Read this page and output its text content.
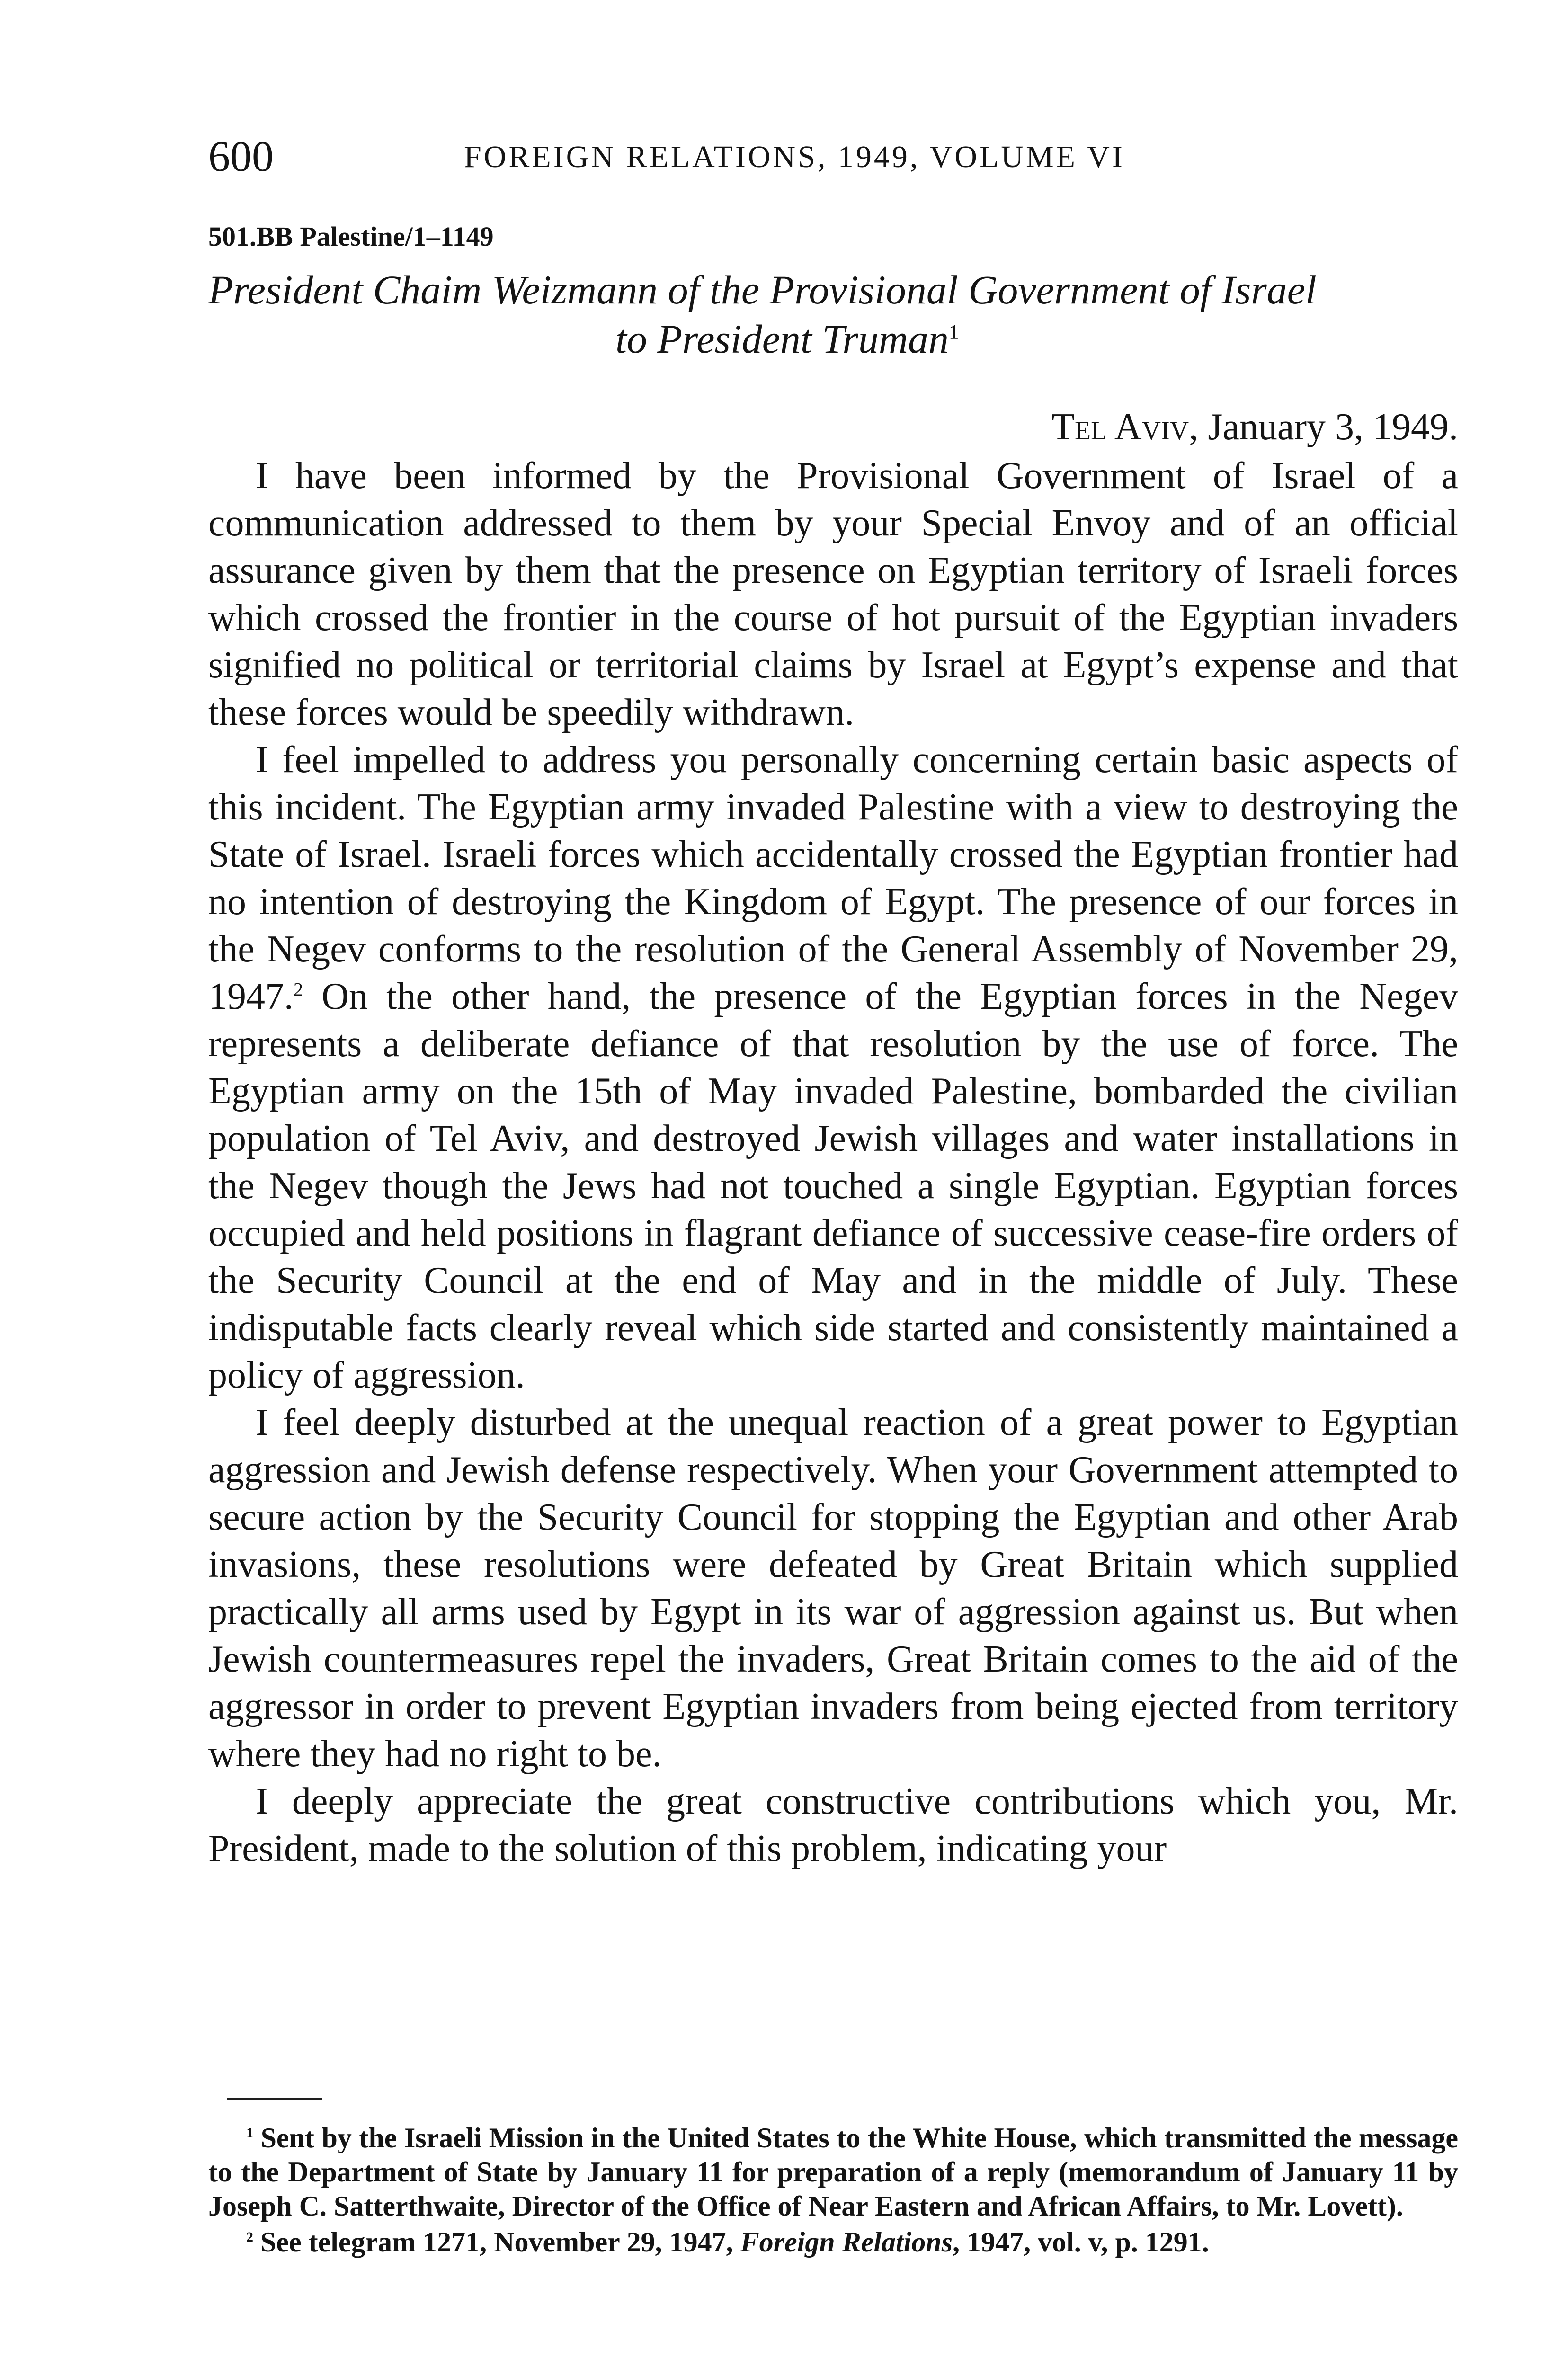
600	FOREIGN RELATIONS, 1949, VOLUME VI
501.BB Palestine/1–1149
President Chaim Weizmann of the Provisional Government of Israel
to President Truman$^1$
Tel Aviv, January 3, 1949.

I have been informed by the Provisional Government of Israel of a communication addressed to them by your Special Envoy and of an official assurance given by them that the presence on Egyptian territory of Israeli forces which crossed the frontier in the course of hot pursuit of the Egyptian invaders signified no political or territorial claims by Israel at Egypt’s expense and that these forces would be speedily withdrawn.

I feel impelled to address you personally concerning certain basic aspects of this incident. The Egyptian army invaded Palestine with a view to destroying the State of Israel. Israeli forces which accidentally crossed the Egyptian frontier had no intention of destroying the Kingdom of Egypt. The presence of our forces in the Negev conforms to the resolution of the General Assembly of November 29, 1947.$^2$ On the other hand, the presence of the Egyptian forces in the Negev represents a deliberate defiance of that resolution by the use of force. The Egyptian army on the 15th of May invaded Palestine, bombarded the civilian population of Tel Aviv, and destroyed Jewish villages and water installations in the Negev though the Jews had not touched a single Egyptian. Egyptian forces occupied and held positions in flagrant defiance of successive cease-fire orders of the Security Council at the end of May and in the middle of July. These indisputable facts clearly reveal which side started and consistently maintained a policy of aggression.

I feel deeply disturbed at the unequal reaction of a great power to Egyptian aggression and Jewish defense respectively. When your Government attempted to secure action by the Security Council for stopping the Egyptian and other Arab invasions, these resolutions were defeated by Great Britain which supplied practically all arms used by Egypt in its war of aggression against us. But when Jewish countermeasures repel the invaders, Great Britain comes to the aid of the aggressor in order to prevent Egyptian invaders from being ejected from territory where they had no right to be.

I deeply appreciate the great constructive contributions which you, Mr. President, made to the solution of this problem, indicating your

$^1$ Sent by the Israeli Mission in the United States to the White House, which transmitted the message to the Department of State by January 11 for preparation of a reply (memorandum of January 11 by Joseph C. Satterthwaite, Director of the Office of Near Eastern and African Affairs, to Mr. Lovett).

$^2$ See telegram 1271, November 29, 1947, Foreign Relations, 1947, vol. v, p. 1291.
